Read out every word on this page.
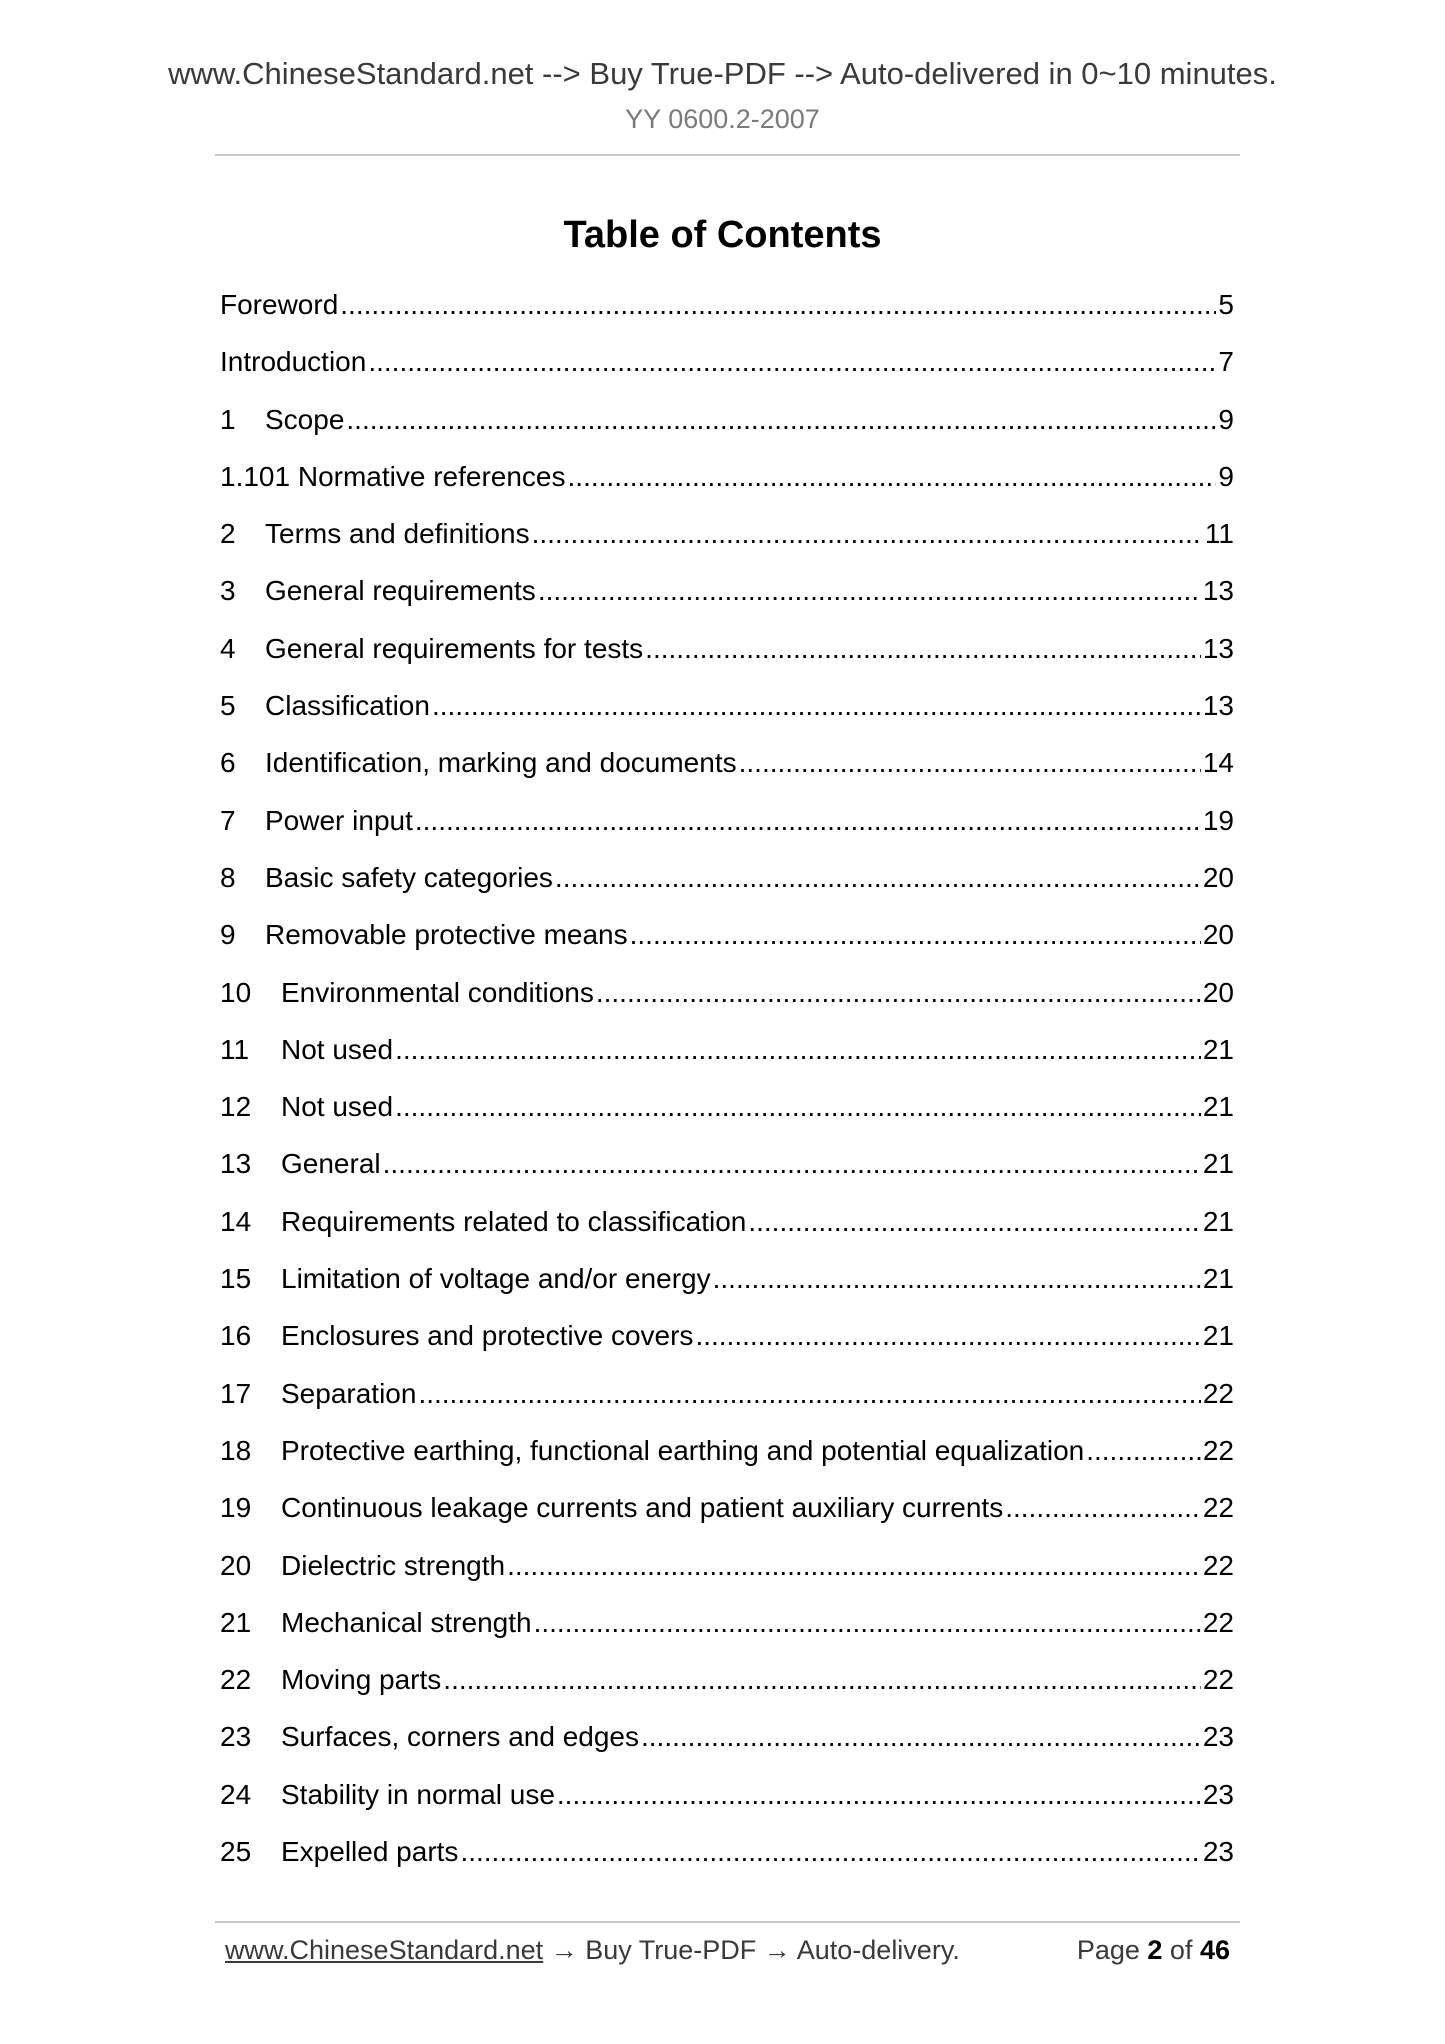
www.ChineseStandard.net --> Buy True-PDF --> Auto-delivered in 0~10 minutes.
YY 0600.2-2007
Table of Contents
Foreword .....	5
Introduction .....	7
1	Scope .....	9
1.101 Normative references .....	9
2	Terms and definitions .....	11
3	General requirements .....	13
4	General requirements for tests .....	13
5	Classification .....	13
6	Identification, marking and documents .....	14
7	Power input .....	19
8	Basic safety categories .....	20
9	Removable protective means .....	20
10	Environmental conditions .....	20
11	Not used .....	21
12	Not used .....	21
13	General .....	21
14	Requirements related to classification .....	21
15	Limitation of voltage and/or energy .....	21
16	Enclosures and protective covers .....	21
17	Separation .....	22
18	Protective earthing, functional earthing and potential equalization .....	22
19	Continuous leakage currents and patient auxiliary currents .....	22
20	Dielectric strength .....	22
21	Mechanical strength .....	22
22	Moving parts .....	22
23	Surfaces, corners and edges .....	23
24	Stability in normal use .....	23
25	Expelled parts .....	23
www.ChineseStandard.net → Buy True-PDF → Auto-delivery.	Page 2 of 46
